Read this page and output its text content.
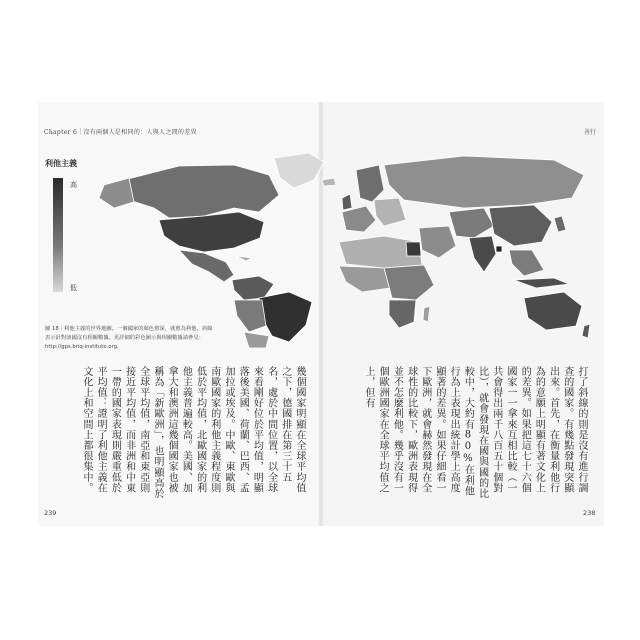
Chapter 6｜沒有兩個人是相同的：人與人之間的差異	善行
利他主義
高
低
圖 18｜利他主義的世界地圖。一個國家的顏色愈深，就愈為利他。斜線表示針對該國沒有相關數據。更詳細的彩色圖示與相關數據請參見：http://gps.briq-institute.org.
幾個國家明顯在全球平均值之下，德國排在第三十五名，處於中間位置，以全球來看剛好位於平均值，明顯落後美國、荷蘭、巴西、孟加拉或埃及。中歐、東歐與南歐國家的利他主義程度則低於平均值，北歐國家的利他主義普遍較高。美國、加拿大和澳洲這幾個國家也被稱為「新歐洲」，也明顯高於全球平均值，南亞和東亞則接近平均值，而非洲和中東一帶的國家表現則嚴重低於平均值：證明了利他主義在文化上和空間上都很集中。	打了斜線的則是沒有進行調查的國家。有幾點發現突顯出來。首先，在衡量利他行為的意願上明顯有著文化上的差異。如果把這七十六個國家一一拿來互相比較（一共會得出兩千八百五十個對比），就會發現在國與國的比較中，大約有80%在利他行為上表現出統計學上高度顯著的差異。如果仔細看一下歐洲，就會赫然發現在全球性的比較下，歐洲表現得並不怎麼利他。幾乎沒有一個歐洲國家在全球平均值之上，但有
239	238
